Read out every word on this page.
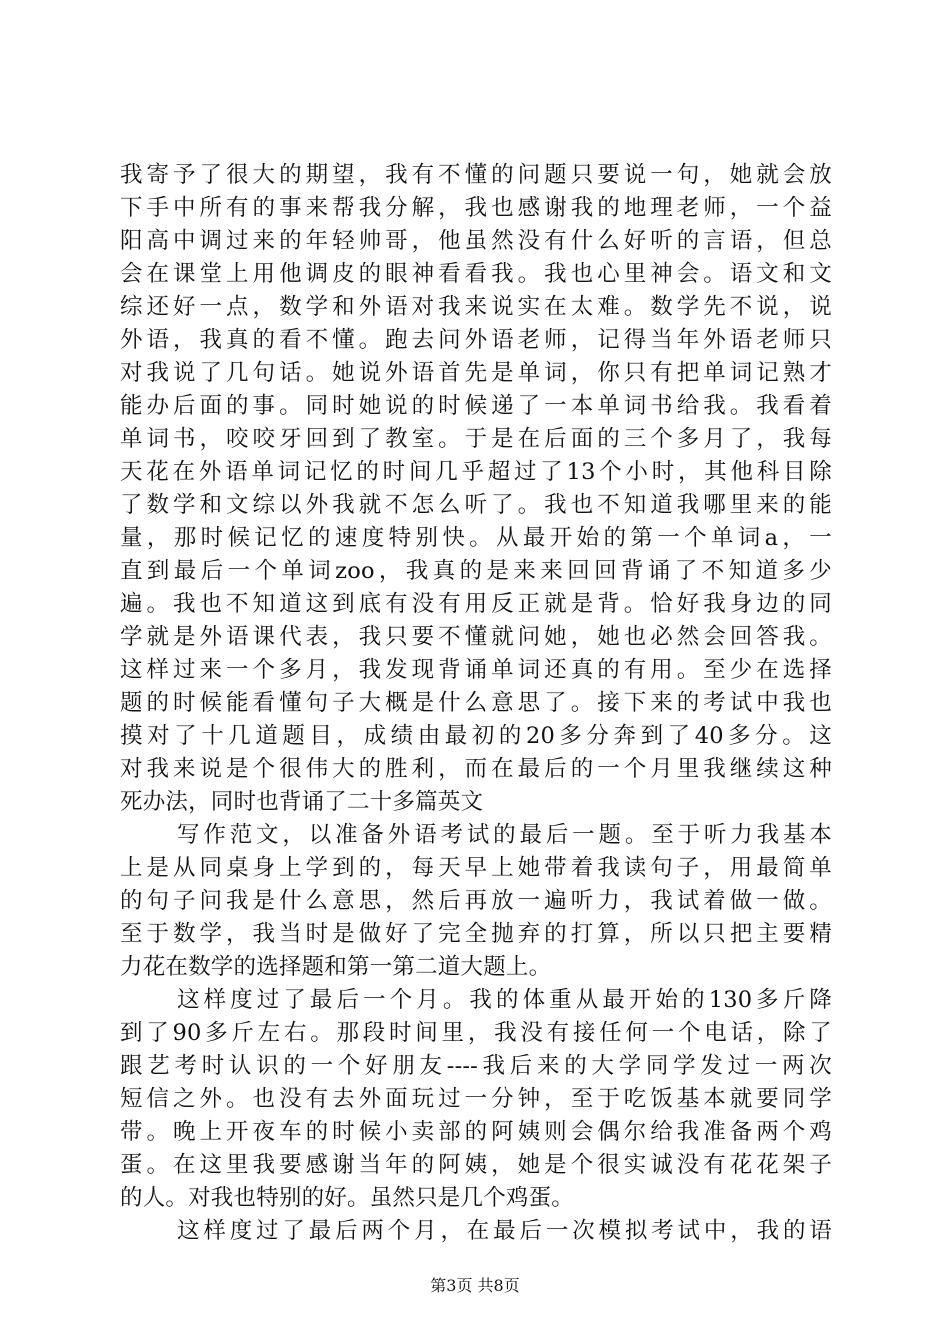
我寄予了很大的期望，我有不懂的问题只要说一句，她就会放
下手中所有的事来帮我分解，我也感谢我的地理老师，一个益
阳高中调过来的年轻帅哥，他虽然没有什么好听的言语，但总
会在课堂上用他调皮的眼神看看我。我也心里神会。语文和文
综还好一点，数学和外语对我来说实在太难。数学先不说，说
外语，我真的看不懂。跑去问外语老师，记得当年外语老师只
对我说了几句话。她说外语首先是单词，你只有把单词记熟才
能办后面的事。同时她说的时候递了一本单词书给我。我看着
单词书，咬咬牙回到了教室。于是在后面的三个多月了，我每
天花在外语单词记忆的时间几乎超过了13个小时，其他科目除
了数学和文综以外我就不怎么听了。我也不知道我哪里来的能
量，那时候记忆的速度特别快。从最开始的第一个单词a，一
直到最后一个单词zoo，我真的是来来回回背诵了不知道多少
遍。我也不知道这到底有没有用反正就是背。恰好我身边的同
学就是外语课代表，我只要不懂就问她，她也必然会回答我。
这样过来一个多月，我发现背诵单词还真的有用。至少在选择
题的时候能看懂句子大概是什么意思了。接下来的考试中我也
摸对了十几道题目，成绩由最初的20多分奔到了40多分。这
对我来说是个很伟大的胜利，而在最后的一个月里我继续这种
死办法，同时也背诵了二十多篇英文
写作范文，以准备外语考试的最后一题。至于听力我基本
上是从同桌身上学到的，每天早上她带着我读句子，用最简单
的句子问我是什么意思，然后再放一遍听力，我试着做一做。
至于数学，我当时是做好了完全抛弃的打算，所以只把主要精
力花在数学的选择题和第一第二道大题上。
这样度过了最后一个月。我的体重从最开始的130多斤降
到了90多斤左右。那段时间里，我没有接任何一个电话，除了
跟艺考时认识的一个好朋友----我后来的大学同学发过一两次
短信之外。也没有去外面玩过一分钟，至于吃饭基本就要同学
带。晚上开夜车的时候小卖部的阿姨则会偶尔给我准备两个鸡
蛋。在这里我要感谢当年的阿姨，她是个很实诚没有花花架子
的人。对我也特别的好。虽然只是几个鸡蛋。
这样度过了最后两个月，在最后一次模拟考试中，我的语
第3页 共8页
